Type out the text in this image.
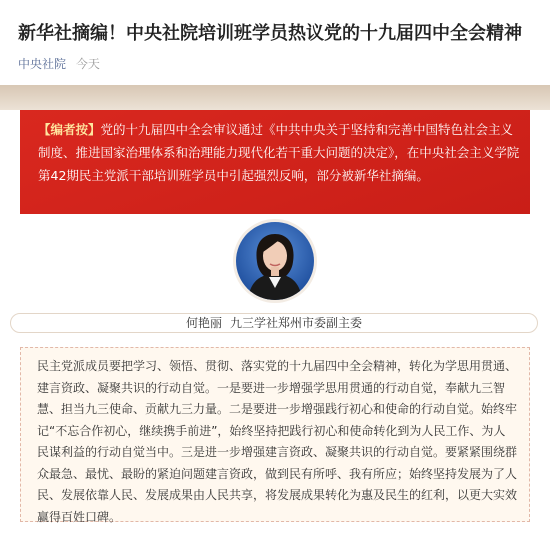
新华社摘编！中央社院培训班学员热议党的十九届四中全会精神
中央社院 今天
【编者按】党的十九届四中全会审议通过《中共中央关于坚持和完善中国特色社会主义制度、推进国家治理体系和治理能力现代化若干重大问题的决定》，在中央社会主义学院第42期民主党派干部培训班学员中引起强烈反响，部分被新华社摘编。
何艳丽 九三学社郑州市委副主委
民主党派成员要把学习、领悟、贯彻、落实党的十九届四中全会精神，转化为学思用贯通、建言资政、凝聚共识的行动自觉。一是要进一步增强学思用贯通的行动自觉，奉献九三智慧、担当九三使命、贡献九三力量。二是要进一步增强践行初心和使命的行动自觉。始终牢记“不忘合作初心，继续携手前进”，始终坚持把践行初心和使命转化到为人民工作、为人民谋利益的行动自觉当中。三是进一步增强建言资政、凝聚共识的行动自觉。要紧紧围绕群众最急、最忧、最盼的紧迫问题建言资政，做到民有所呼、我有所应；始终坚持发展为了人民、发展依靠人民、发展成果由人民共享，将发展成果转化为惠及民生的红利，以更大实效赢得百姓口碑。
